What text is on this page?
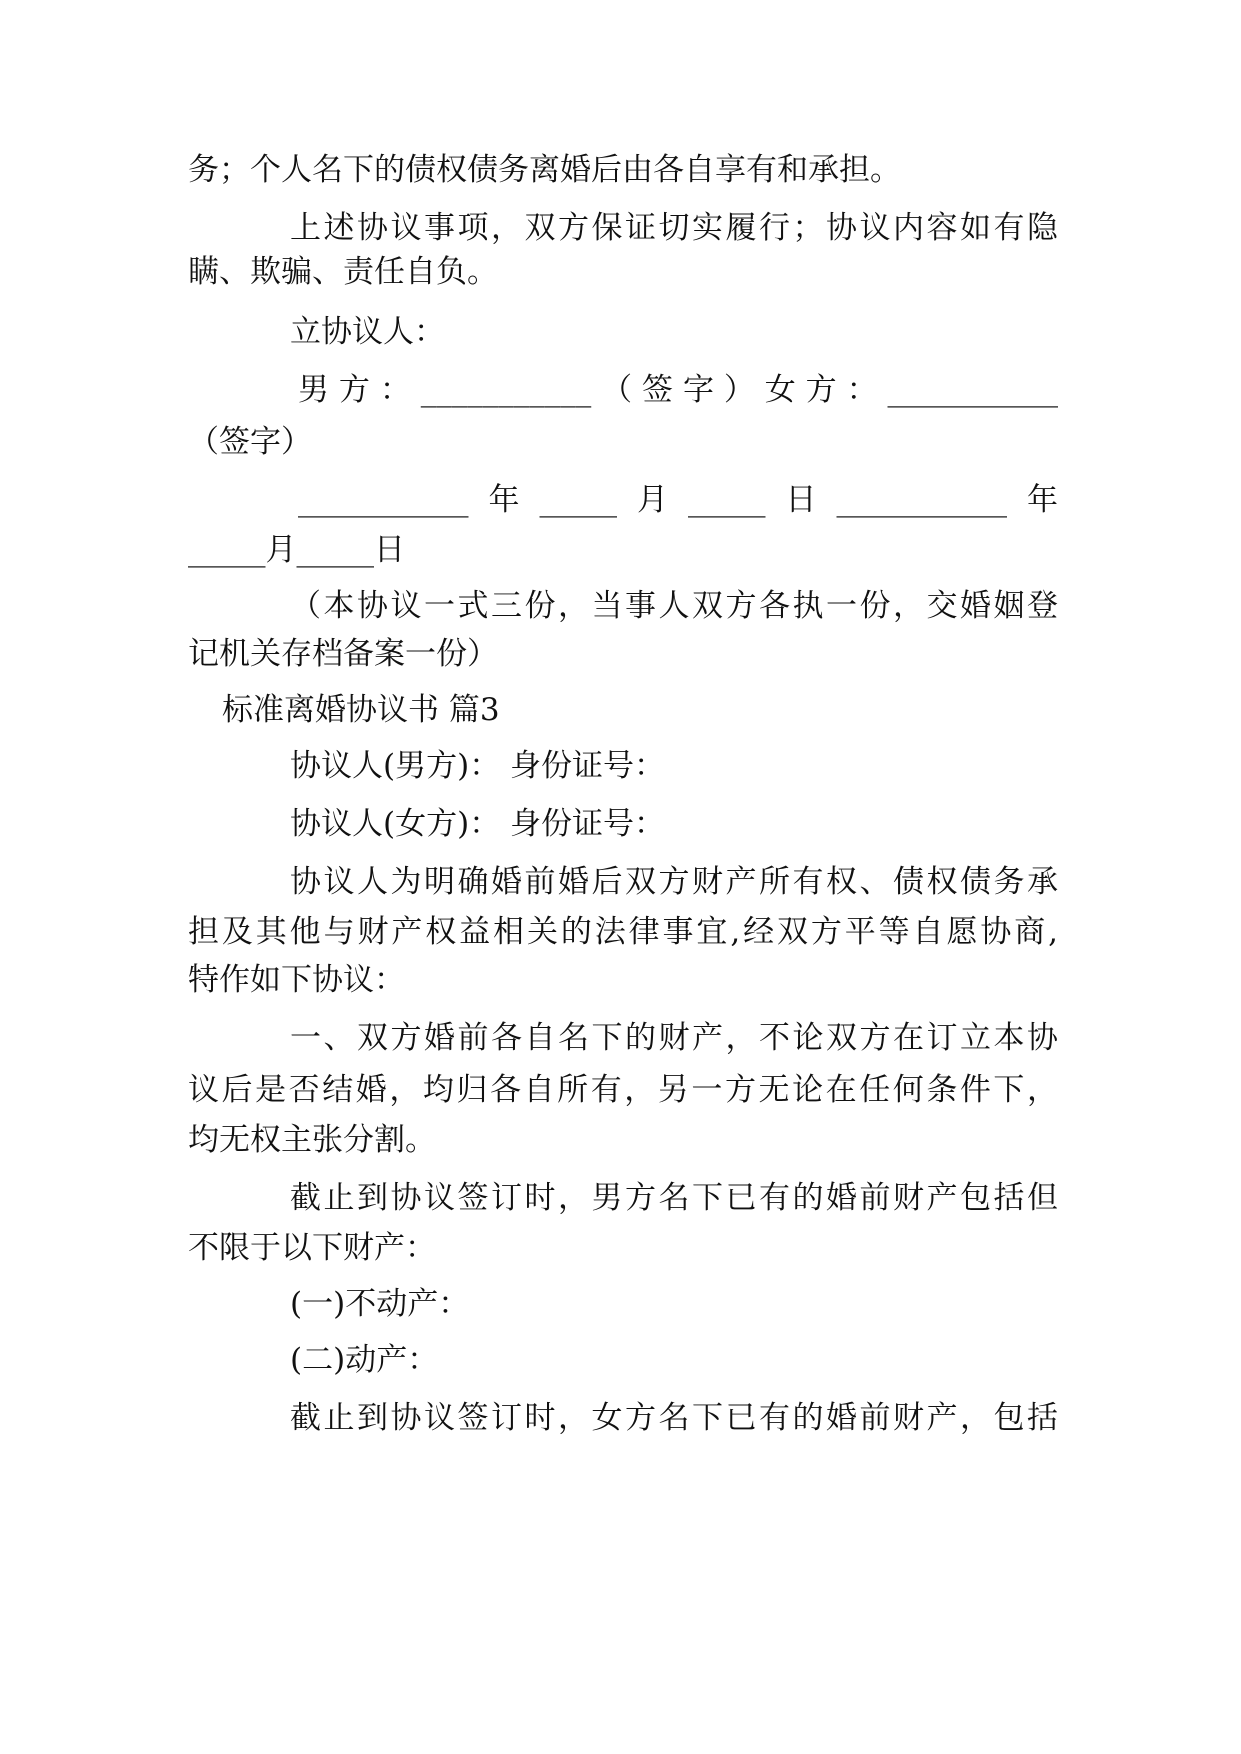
务；个人名下的债权债务离婚后由各自享有和承担。
上述协议事项，双方保证切实履行；协议内容如有隐
瞒、欺骗、责任自负。
立协议人：
男方：___________（签字）女方：___________
（签字）
___________年_____月_____日___________年
_____月_____日
（本协议一式三份，当事人双方各执一份，交婚姻登
记机关存档备案一份）
标准离婚协议书 篇3
协议人(男方)： 身份证号：
协议人(女方)： 身份证号：
协议人为明确婚前婚后双方财产所有权、债权债务承
担及其他与财产权益相关的法律事宜,经双方平等自愿协商,
特作如下协议：
一、双方婚前各自名下的财产，不论双方在订立本协
议后是否结婚，均归各自所有，另一方无论在任何条件下，
均无权主张分割。
截止到协议签订时，男方名下已有的婚前财产包括但
不限于以下财产：
(一)不动产：
(二)动产：
截止到协议签订时，女方名下已有的婚前财产，包括
